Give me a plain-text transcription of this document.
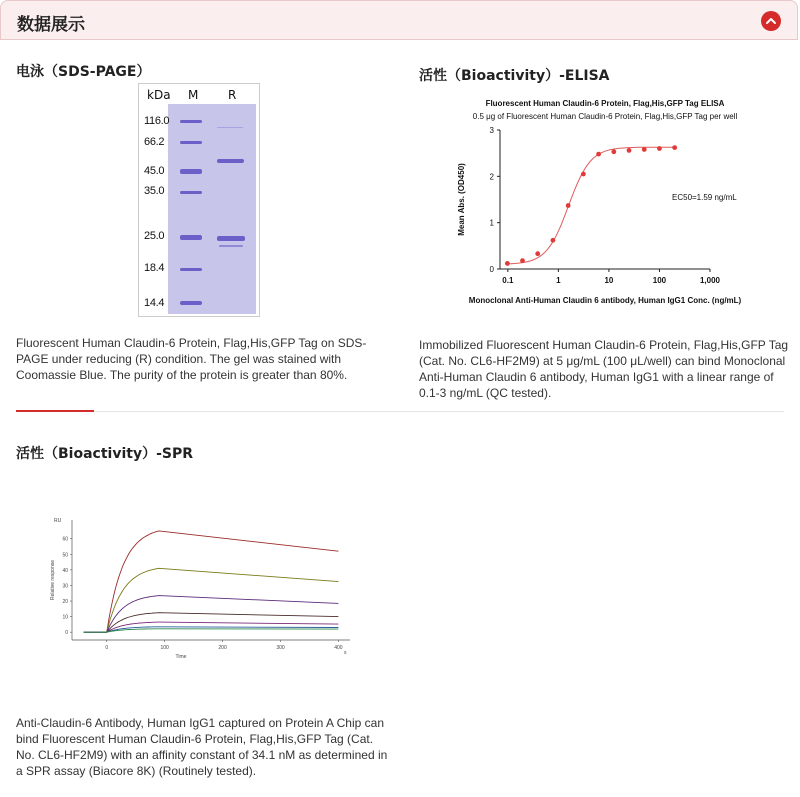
数据展示
电泳（SDS-PAGE）
kDa M R
116.0
66.2
45.0
35.0
25.0
18.4
14.4
Fluorescent Human Claudin-6 Protein, Flag,His,GFP Tag on SDS-PAGE under reducing (R) condition. The gel was stained with Coomassie Blue. The purity of the protein is greater than 80%.
活性（Bioactivity）-ELISA
Fluorescent Human Claudin-6 Protein, Flag,His,GFP Tag ELISA
0.5 μg of Fluorescent Human Claudin-6 Protein, Flag,His,GFP Tag per well
0
1
2
3
0.1	1	10	100	1,000
Monoclonal Anti-Human Claudin 6 antibody, Human IgG1 Conc. (ng/mL)
Mean Abs. (OD450)	EC50=1.59 ng/mL
Immobilized Fluorescent Human Claudin-6 Protein, Flag,His,GFP Tag (Cat. No. CL6-HF2M9) at 5 μg/mL (100 μL/well) can bind Monoclonal Anti-Human Claudin 6 antibody, Human IgG1 with a linear range of 0.1-3 ng/mL (QC tested).
活性（Bioactivity）-SPR
RU
s
0
10
20
30
40
50
60
0	100	200	300	400
Time
Relative response
Anti-Claudin-6 Antibody, Human IgG1 captured on Protein A Chip can bind Fluorescent Human Claudin-6 Protein, Flag,His,GFP Tag (Cat. No. CL6-HF2M9) with an affinity constant of 34.1 nM as determined in a SPR assay (Biacore 8K) (Routinely tested).
